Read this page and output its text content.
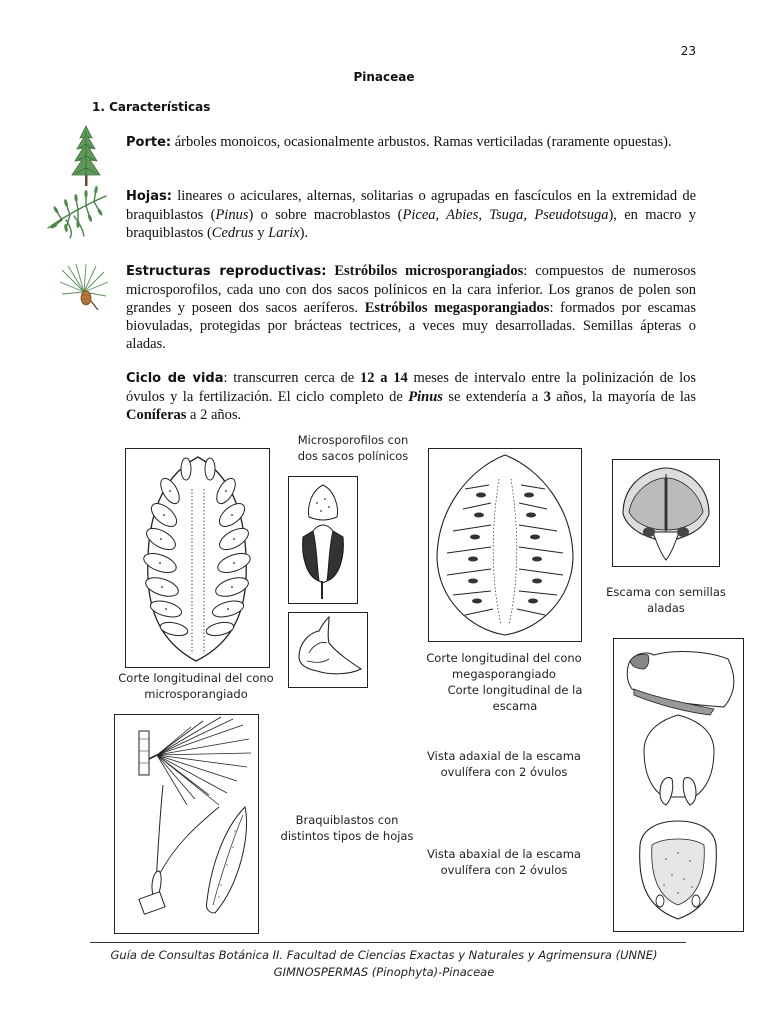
23
Pinaceae
1. Características
Porte: árboles monoicos, ocasionalmente arbustos. Ramas verticiladas (raramente opuestas).
Hojas: lineares o aciculares, alternas, solitarias o agrupadas en fascículos en la extremidad de braquiblastos (Pinus) o sobre macroblastos (Picea, Abies, Tsuga, Pseudotsuga), en macro y braquiblastos (Cedrus y Larix).
Estructuras reproductivas: Estróbilos microsporangiados: compuestos de numerosos microsporofilos, cada uno con dos sacos polínicos en la cara inferior. Los granos de polen son grandes y poseen dos sacos aeríferos. Estróbilos megasporangiados: formados por escamas biovuladas, protegidas por brácteas tectrices, a veces muy desarrolladas. Semillas ápteras o aladas.
Ciclo de vida: transcurren cerca de 12 a 14 meses de intervalo entre la polinización de los óvulos y la fertilización. El ciclo completo de Pinus se extendería a 3 años, la mayoría de las Coníferas a 2 años.
Corte longitudinal del cono microsporangiado
Microsporofilos con dos sacos polínicos
Corte longitudinal del cono megasporangiado
Corte longitudinal de la escama
Escama con semillas aladas
Vista adaxial de la escama ovulífera con 2 óvulos
Vista abaxial de la escama ovulífera con 2 óvulos
Braquiblastos con distintos tipos de hojas
Guía de Consultas Botánica II. Facultad de Ciencias Exactas y Naturales y Agrimensura (UNNE)
GIMNOSPERMAS (Pinophyta)-Pinaceae
